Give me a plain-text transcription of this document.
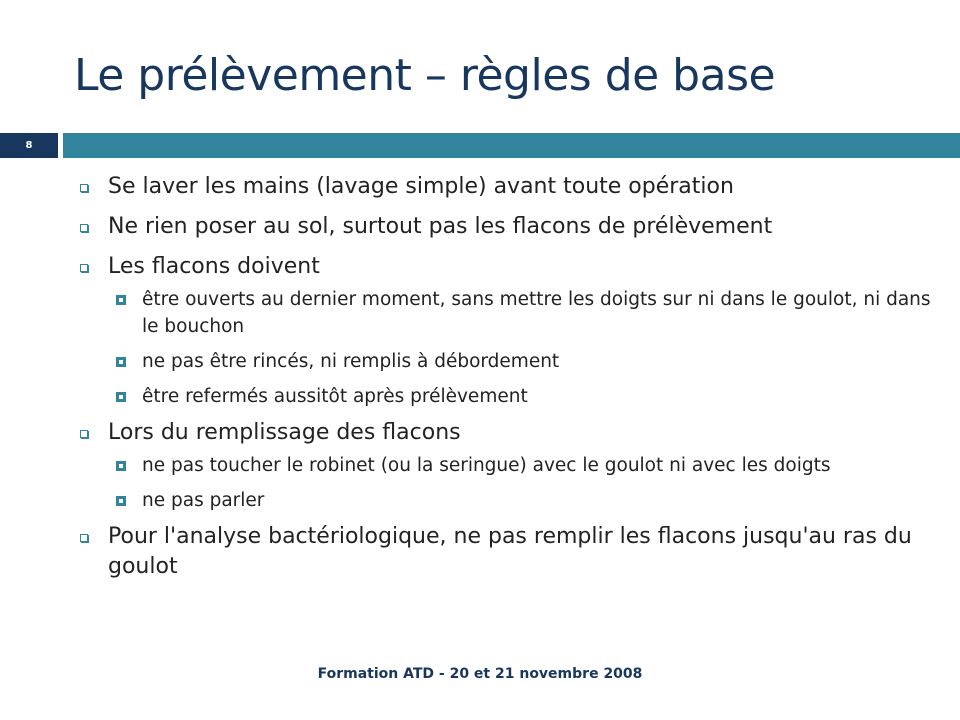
Le prélèvement – règles de base
8
Se laver les mains (lavage simple) avant toute opération
Ne rien poser au sol, surtout pas les flacons de prélèvement
Les flacons doivent
être ouverts au dernier moment, sans mettre les doigts sur ni dans le goulot, ni dans le bouchon
ne pas être rincés, ni remplis à débordement
être refermés aussitôt après prélèvement
Lors du remplissage des flacons
ne pas toucher le robinet (ou la seringue) avec le goulot ni avec les doigts
ne pas parler
Pour l'analyse bactériologique, ne pas remplir les flacons jusqu'au ras du goulot
Formation ATD - 20 et 21 novembre 2008
